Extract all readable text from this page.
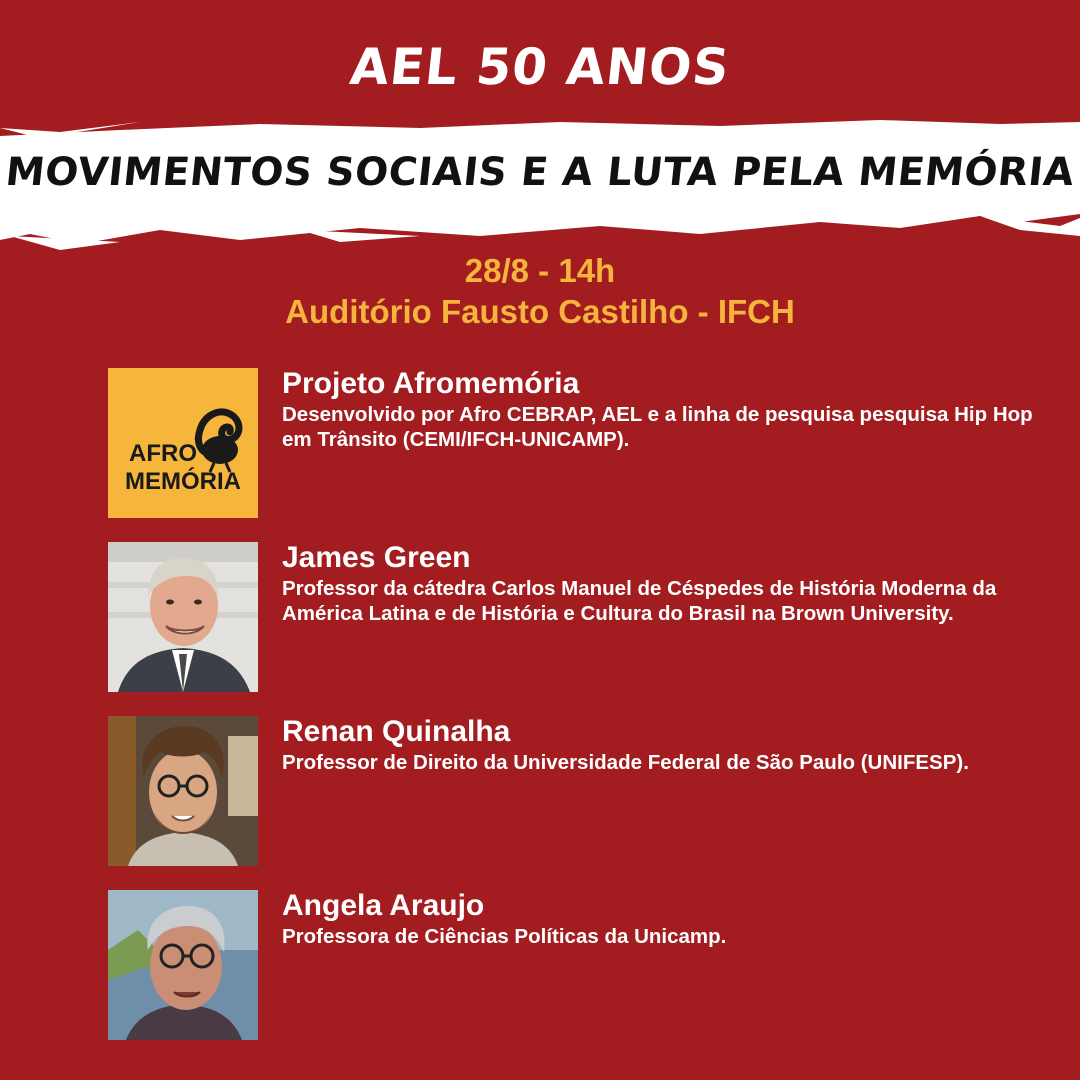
AEL 50 ANOS
MOVIMENTOS SOCIAIS E A LUTA PELA MEMÓRIA
28/8 - 14h
Auditório Fausto Castilho - IFCH
AFRO
MEMÓRIA
Projeto Afromemória
Desenvolvido por Afro CEBRAP, AEL e a linha de pesquisa pesquisa Hip Hop em Trânsito (CEMI/IFCH-UNICAMP).
James Green
Professor da cátedra Carlos Manuel de Céspedes de História Moderna da América Latina e de História e Cultura do Brasil na Brown University.
Renan Quinalha
Professor de Direito da Universidade Federal de São Paulo (UNIFESP).
Angela Araujo
Professora de Ciências Políticas da Unicamp.
